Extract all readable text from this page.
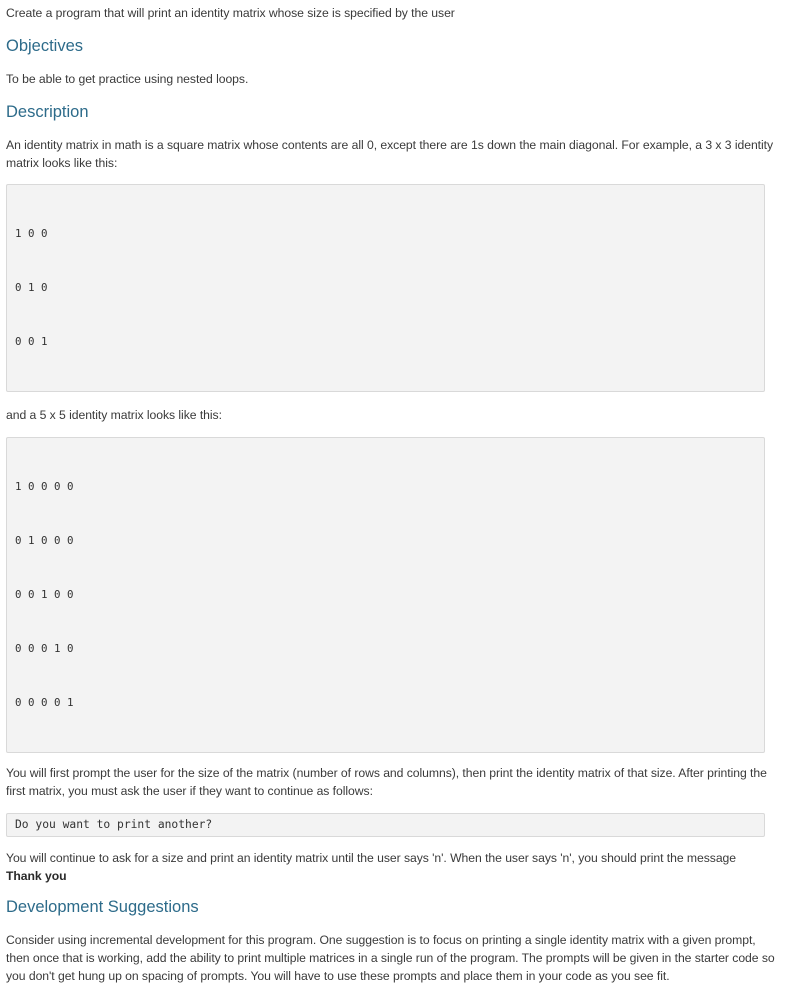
Create a program that will print an identity matrix whose size is specified by the user

Objectives

To be able to get practice using nested loops.

Description

An identity matrix in math is a square matrix whose contents are all 0, except there are 1s down the main diagonal. For example, a 3 x 3 identity matrix looks like this:

1 0 0

0 1 0

0 0 1

and a 5 x 5 identity matrix looks like this:

1 0 0 0 0

0 1 0 0 0

0 0 1 0 0

0 0 0 1 0

0 0 0 0 1

You will first prompt the user for the size of the matrix (number of rows and columns), then print the identity matrix of that size. After printing the first matrix, you must ask the user if they want to continue as follows:

Do you want to print another?

You will continue to ask for a size and print an identity matrix until the user says 'n'. When the user says 'n', you should print the message
Thank you

Development Suggestions

Consider using incremental development for this program. One suggestion is to focus on printing a single identity matrix with a given prompt, then once that is working, add the ability to print multiple matrices in a single run of the program. The prompts will be given in the starter code so you don't get hung up on spacing of prompts. You will have to use these prompts and place them in your code as you see fit.
